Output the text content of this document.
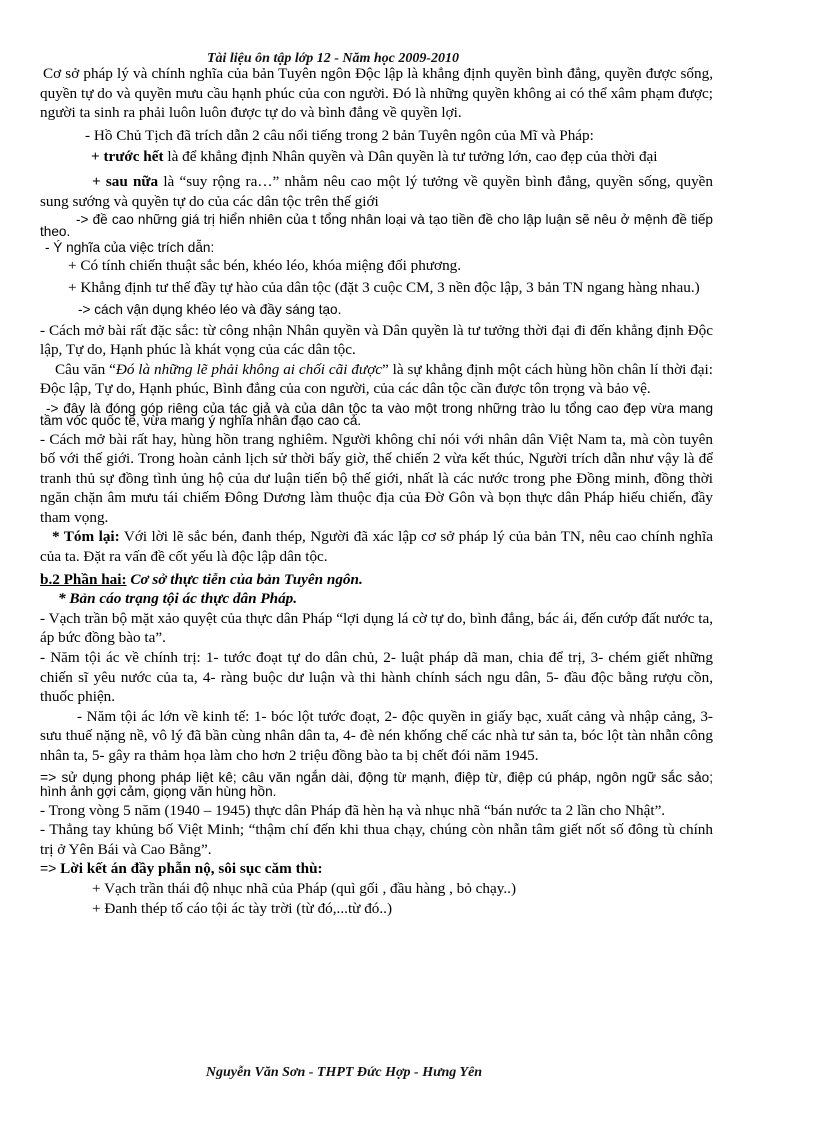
Tài liệu ôn tập lớp 12 - Năm học 2009-2010

Cơ sở pháp lý và chính nghĩa của bản Tuyên ngôn Độc lập là khẳng định quyền bình đẳng, quyền được sống, quyền tự do và quyền mưu cầu hạnh phúc của con người. Đó là những quyền không ai có thể xâm phạm được; người ta sinh ra phải luôn luôn được tự do và bình đẳng về quyền lợi.

- Hồ Chủ Tịch đã trích dẫn 2 câu nổi tiếng trong 2 bản Tuyên ngôn của Mĩ và Pháp:

+ trước hết là để khẳng định Nhân quyền và Dân quyền là tư tưởng lớn, cao đẹp của thời đại

+ sau nữa là “suy rộng ra…” nhằm nêu cao một lý tưởng về quyền bình đẳng, quyền sống, quyền sung sướng và quyền tự do của các dân tộc trên thế giới

-> đề cao những giá trị hiển nhiên của t tổng nhân loại và tạo tiền đề cho lập luận sẽ nêu ở mệnh đề tiếp theo.

- Ý nghĩa của việc trích dẫn:

+ Có tính chiến thuật sắc bén, khéo léo, khóa miệng đối phương.

+ Khẳng định tư thế đầy tự hào của dân tộc (đặt 3 cuộc CM, 3 nền độc lập, 3 bản TN ngang hàng nhau.)

-> cách vận dụng khéo léo và đầy sáng tạo.

- Cách mở bài rất đặc sắc: từ công nhận Nhân quyền và Dân quyền là tư tưởng thời đại đi đến khẳng định Độc lập, Tự do, Hạnh phúc là khát vọng của các dân tộc.

Câu văn “Đó là những lẽ phải không ai chối cãi được” là sự khẳng định một cách hùng hồn chân lí thời đại: Độc lập, Tự do, Hạnh phúc, Bình đẳng của con người, của các dân tộc cần được tôn trọng và bảo vệ.

-> đây là đóng góp riêng của tác giả và của dân tộc ta vào một trong những trào lu tổng cao đẹp vừa mang tầm vóc quốc tế, vừa mang ý nghĩa nhân đạo cao cả.

- Cách mở bài rất hay, hùng hồn trang nghiêm. Người không chỉ nói với nhân dân Việt Nam ta, mà còn tuyên bố với thế giới. Trong hoàn cảnh lịch sử thời bấy giờ, thế chiến 2 vừa kết thúc, Người trích dẫn như vậy là để tranh thủ sự đồng tình ủng hộ của dư luận tiến bộ thế giới, nhất là các nước trong phe Đồng minh, đồng thời ngăn chặn âm mưu tái chiếm Đông Dương làm thuộc địa của Đờ Gôn và bọn thực dân Pháp hiếu chiến, đầy tham vọng.

* Tóm lại: Với lời lẽ sắc bén, đanh thép, Người đã xác lập cơ sở pháp lý của bản TN, nêu cao chính nghĩa của ta. Đặt ra vấn đề cốt yếu là độc lập dân tộc.

b.2 Phần hai: Cơ sở thực tiễn của bản Tuyên ngôn.

* Bản cáo trạng tội ác thực dân Pháp.

- Vạch trần bộ mặt xảo quyệt của thực dân Pháp “lợi dụng lá cờ tự do, bình đẳng, bác ái, đến cướp đất nước ta, áp bức đồng bào ta”.

- Năm tội ác về chính trị: 1- tước đoạt tự do dân chủ, 2- luật pháp dã man, chia để trị, 3- chém giết những chiến sĩ yêu nước của ta, 4- ràng buộc dư luận và thi hành chính sách ngu dân, 5- đầu độc bằng rượu cồn, thuốc phiện.

- Năm tội ác lớn về kinh tế: 1- bóc lột tước đoạt, 2- độc quyền in giấy bạc, xuất cảng và nhập cảng, 3- sưu thuế nặng nề, vô lý đã bần cùng nhân dân ta, 4- đè nén khống chế các nhà tư sản ta, bóc lột tàn nhẫn công nhân ta, 5- gây ra thảm họa làm cho hơn 2 triệu đồng bào ta bị chết đói năm 1945.

=> sử dụng phong pháp liệt kê; câu văn ngắn dài, động từ mạnh, điệp từ, điệp cú pháp, ngôn ngữ sắc sảo; hình ảnh gợi cảm, giọng văn hùng hồn.

- Trong vòng 5 năm (1940 – 1945) thực dân Pháp đã hèn hạ và nhục nhã “bán nước ta 2 lần cho Nhật”.

- Thẳng tay khủng bố Việt Minh; “thậm chí đến khi thua chạy, chúng còn nhẫn tâm giết nốt số đông tù chính trị ở Yên Bái và Cao Bằng”.

=> Lời kết án đầy phẫn nộ, sôi sục căm thù:

+ Vạch trần thái độ nhục nhã của Pháp (quì gối , đầu hàng , bỏ chạy..)

+ Đanh thép tố cáo tội ác tày trời (từ đó,...từ đó..)

Nguyễn Văn Sơn - THPT Đức Hợp - Hưng Yên
